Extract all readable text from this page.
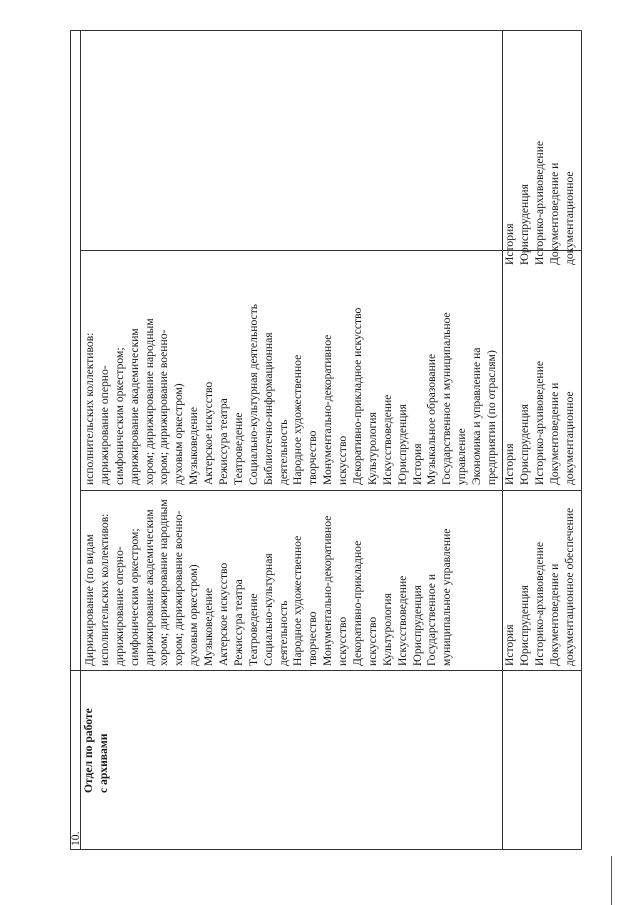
10.
Отдел по работе с архивами
Дирижирование (по видам исполнительских коллективов: дирижирование оперно- симфоническим оркестром; дирижирование академическим хором; дирижирование народным хором; дирижирование военно- духовым оркестром) Музыковедение Актерское искусство Режиссура театра Театроведение Социально-культурная деятельность Народное художественное творчество Монументально-декоративное искусство Декоративно-прикладное искусство Культурология Искусствоведение Юриспруденция Государственное и муниципальное управление
исполнительских коллективов: дирижирование оперно- симфоническим оркестром; дирижирование академическим хором; дирижирование народным хором; дирижирование военно- духовым оркестром) Музыковедение Актерское искусство Режиссура театра Театроведение Социально-культурная деятельность Библиотечно-информационная деятельность Народное художественное творчество Монументально-декоративное искусство Декоративно-прикладное искусство Культурология Искусствоведение Юриспруденция История Музыкальное образование Государственное и муниципальное управление Экономика и управление на предприятии (по отраслям)
История Юриспруденция Историко-архивоведение Документоведение и документационное обеспечение
История Юриспруденция Историко-архивоведение Документоведение и документационное
История Юриспруденция Историко-архивоведение Документоведение и документационное
